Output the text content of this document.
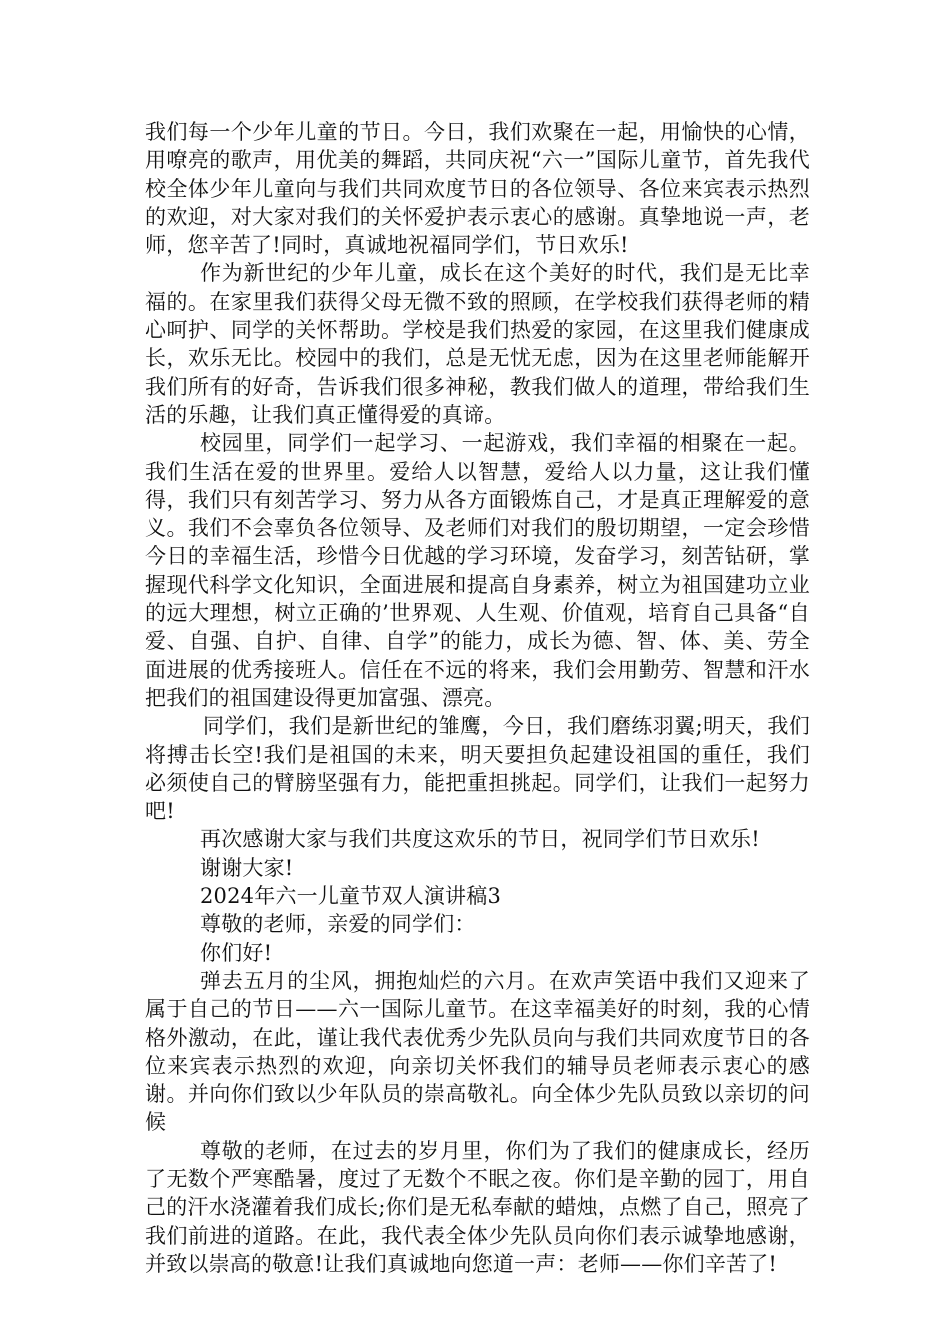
我们每一个少年儿童的节日。今日，我们欢聚在一起，用愉快的心情，用嘹亮的歌声，用优美的舞蹈，共同庆祝“六一”国际儿童节，首先我代校全体少年儿童向与我们共同欢度节日的各位领导、各位来宾表示热烈的欢迎，对大家对我们的关怀爱护表示衷心的感谢。真挚地说一声，老师，您辛苦了!同时，真诚地祝福同学们，节日欢乐!

作为新世纪的少年儿童，成长在这个美好的时代，我们是无比幸福的。在家里我们获得父母无微不致的照顾，在学校我们获得老师的精心呵护、同学的关怀帮助。学校是我们热爱的家园，在这里我们健康成长，欢乐无比。校园中的我们，总是无忧无虑，因为在这里老师能解开我们所有的好奇，告诉我们很多神秘，教我们做人的道理，带给我们生活的乐趣，让我们真正懂得爱的真谛。

校园里，同学们一起学习、一起游戏，我们幸福的相聚在一起。我们生活在爱的世界里。爱给人以智慧，爱给人以力量，这让我们懂得，我们只有刻苦学习、努力从各方面锻炼自己，才是真正理解爱的意义。我们不会辜负各位领导、及老师们对我们的殷切期望，一定会珍惜今日的幸福生活，珍惜今日优越的学习环境，发奋学习，刻苦钻研，掌握现代科学文化知识，全面进展和提高自身素养，树立为祖国建功立业的远大理想，树立正确的’世界观、人生观、价值观，培育自己具备“自爱、自强、自护、自律、自学”的能力，成长为德、智、体、美、劳全面进展的优秀接班人。信任在不远的将来，我们会用勤劳、智慧和汗水把我们的祖国建设得更加富强、漂亮。

同学们，我们是新世纪的雏鹰，今日，我们磨练羽翼;明天，我们将搏击长空!我们是祖国的未来，明天要担负起建设祖国的重任，我们必须使自己的臂膀坚强有力，能把重担挑起。同学们，让我们一起努力吧!

再次感谢大家与我们共度这欢乐的节日，祝同学们节日欢乐!

谢谢大家!

2024年六一儿童节双人演讲稿3

尊敬的老师，亲爱的同学们：

你们好!

弹去五月的尘风，拥抱灿烂的六月。在欢声笑语中我们又迎来了属于自己的节日——六一国际儿童节。在这幸福美好的时刻，我的心情格外激动，在此，谨让我代表优秀少先队员向与我们共同欢度节日的各位来宾表示热烈的欢迎，向亲切关怀我们的辅导员老师表示衷心的感谢。并向你们致以少年队员的崇高敬礼。向全体少先队员致以亲切的问候

尊敬的老师，在过去的岁月里，你们为了我们的健康成长，经历了无数个严寒酷暑，度过了无数个不眠之夜。你们是辛勤的园丁，用自己的汗水浇灌着我们成长;你们是无私奉献的蜡烛，点燃了自己，照亮了我们前进的道路。在此，我代表全体少先队员向你们表示诚挚地感谢，并致以崇高的敬意!让我们真诚地向您道一声：老师——你们辛苦了!
